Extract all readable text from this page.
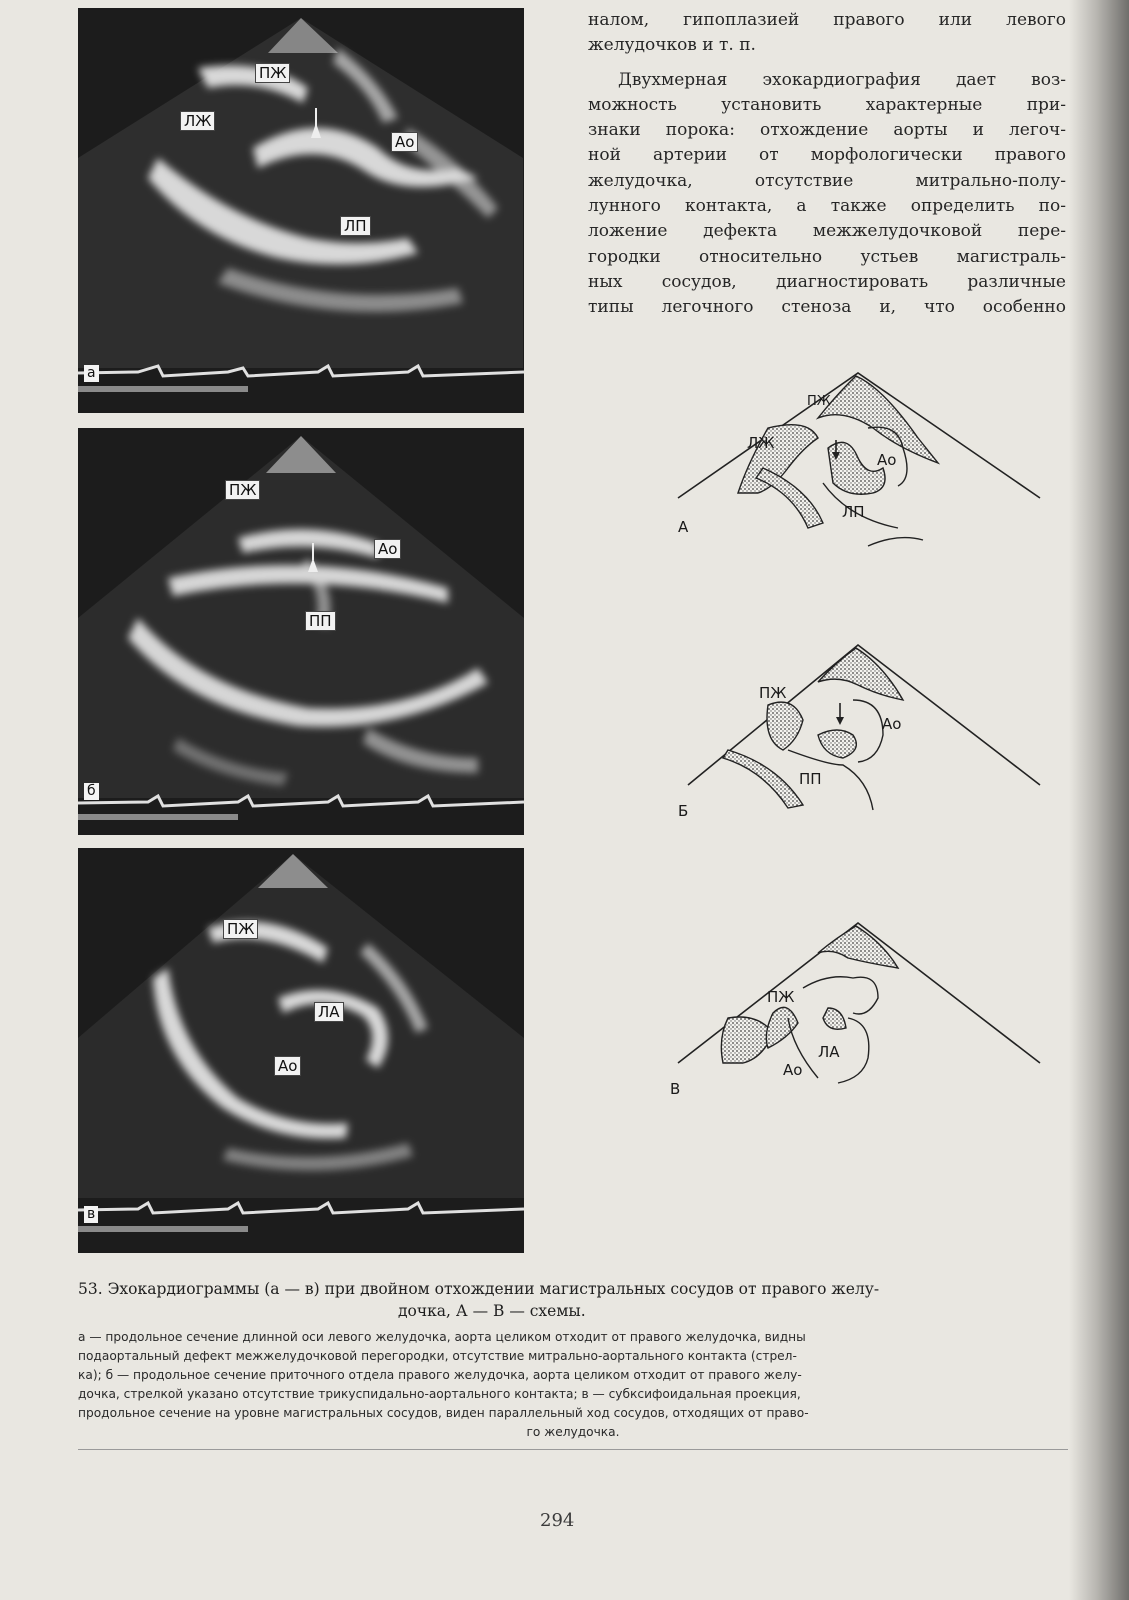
ПЖ
ЛЖ
Ао
ЛП
а
ПЖ
Ао
ПП
б
ПЖ
ЛА
Ао
в

налом, гипоплазией правого или левого

желудочков и т. п.

Двухмерная эхокардиография дает воз-

можность установить характерные при-

знаки порока: отхождение аорты и легоч-

ной артерии от морфологически правого

желудочка, отсутствие митрально-полу-

лунного контакта, а также определить по-

ложение дефекта межжелудочковой пере-

городки относительно устьев магистраль-

ных сосудов, диагностировать различные

типы легочного стеноза и, что особенно

ПЖ
ЛЖ
Ао
ЛП
А
ПЖ
Ао
ПП
Б
ПЖ
ЛА
Ао
В

53. Эхокардиограммы (а — в) при двойном отхождении магистральных сосудов от правого желу-
дочка, А — В — схемы.

а — продольное сечение длинной оси левого желудочка, аорта целиком отходит от правого желудочка, видны
подаортальный дефект межжелудочковой перегородки, отсутствие митрально-аортального контакта (стрел-
ка); б — продольное сечение приточного отдела правого желудочка, аорта целиком отходит от правого желу-
дочка, стрелкой указано отсутствие трикуспидально-аортального контакта; в — субксифоидальная проекция,
продольное сечение на уровне магистральных сосудов, виден параллельный ход сосудов, отходящих от право-
го желудочка.

294
